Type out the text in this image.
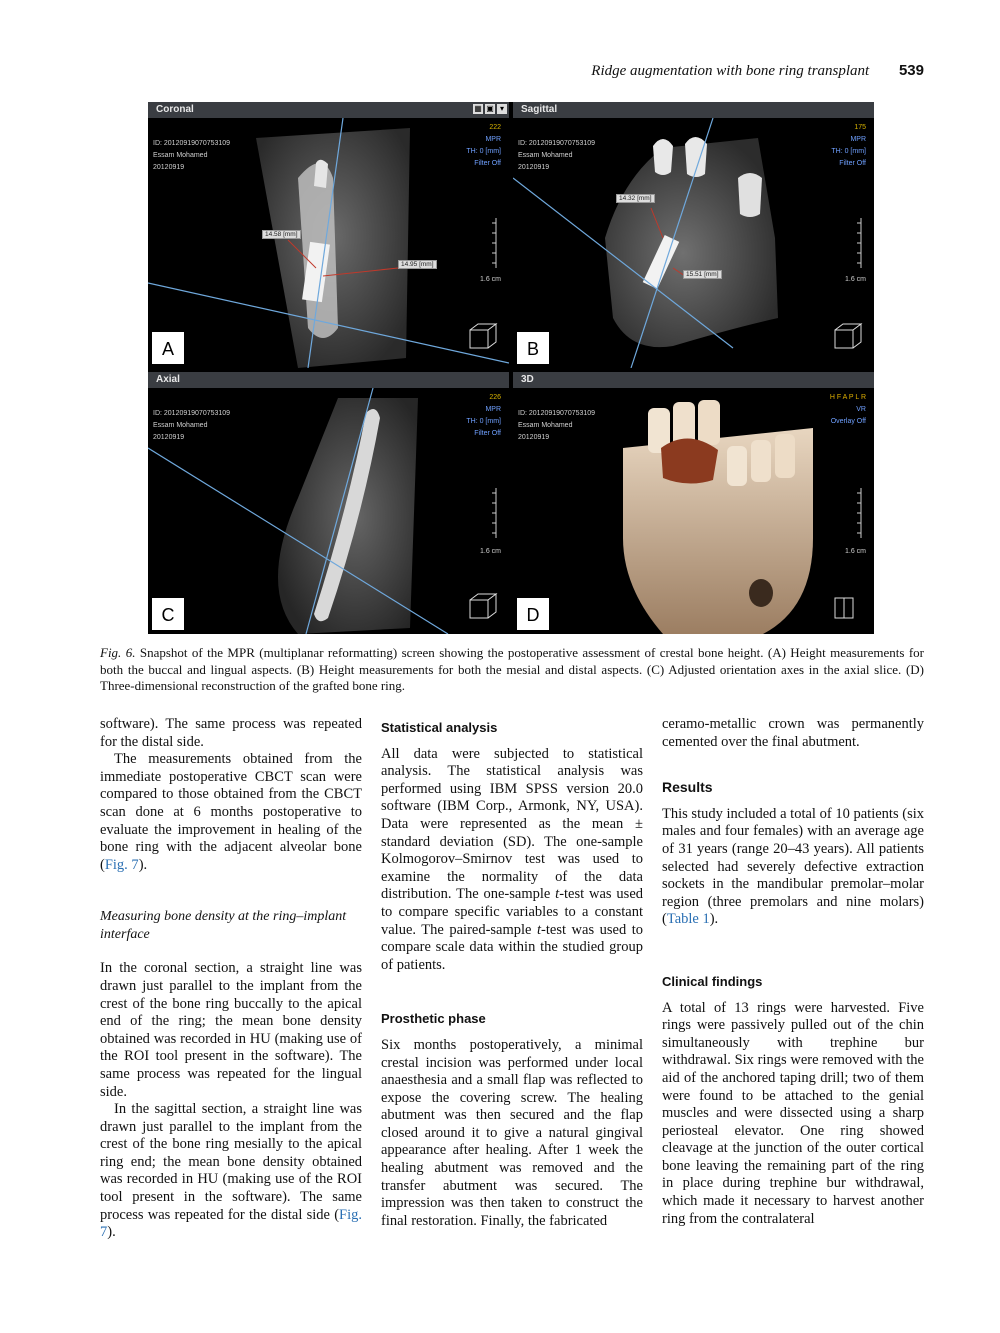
Ridge augmentation with bone ring transplant 539
Coronal	▦ ▣ ▾
ID: 20120919070753109
Essam Mohamed
20120919
222
MPR
TH: 0 [mm]
Filter Off
14.58 [mm]
14.95 [mm]
1.6 cm
A
Sagittal
ID: 20120919070753109
Essam Mohamed
20120919
175
MPR
TH: 0 [mm]
Filter Off
14.32 [mm]
15.51 [mm]
1.6 cm
B
Axial
ID: 20120919070753109
Essam Mohamed
20120919
226
MPR
TH: 0 [mm]
Filter Off
1.6 cm
C
3D
ID: 20120919070753109
Essam Mohamed
20120919
H F A P L R
VR
Overlay Off
1.6 cm
D
Fig. 6. Snapshot of the MPR (multiplanar reformatting) screen showing the postoperative assessment of crestal bone height. (A) Height measurements for both the buccal and lingual aspects. (B) Height measurements for both the mesial and distal aspects. (C) Adjusted orientation axes in the axial slice. (D) Three-dimensional reconstruction of the grafted bone ring.

software). The same process was repeated for the distal side.

The measurements obtained from the immediate postoperative CBCT scan were compared to those obtained from the CBCT scan done at 6 months postoperative to evaluate the improvement in healing of the bone ring with the adjacent alveolar bone (Fig. 7).

Measuring bone density at the ring–implant interface

In the coronal section, a straight line was drawn just parallel to the implant from the crest of the bone ring buccally to the apical end of the ring; the mean bone density obtained was recorded in HU (making use of the ROI tool present in the software). The same process was repeated for the lingual side.

In the sagittal section, a straight line was drawn just parallel to the implant from the crest of the bone ring mesially to the apical ring end; the mean bone density obtained was recorded in HU (making use of the ROI tool present in the software). The same process was repeated for the distal side (Fig. 7).

Statistical analysis

All data were subjected to statistical analysis. The statistical analysis was performed using IBM SPSS version 20.0 software (IBM Corp., Armonk, NY, USA). Data were represented as the mean ± standard deviation (SD). The one-sample Kolmogorov–Smirnov test was used to examine the normality of the data distribution. The one-sample t-test was used to compare specific variables to a constant value. The paired-sample t-test was used to compare scale data within the studied group of patients.

Prosthetic phase

Six months postoperatively, a minimal crestal incision was performed under local anaesthesia and a small flap was reflected to expose the covering screw. The healing abutment was then secured and the flap closed around it to give a natural gingival appearance after healing. After 1 week the healing abutment was removed and the transfer abutment was secured. The impression was then taken to construct the final restoration. Finally, the fabricated

ceramo-metallic crown was permanently cemented over the final abutment.

Results

This study included a total of 10 patients (six males and four females) with an average age of 31 years (range 20–43 years). All patients selected had severely defective extraction sockets in the mandibular premolar–molar region (three premolars and nine molars) (Table 1).

Clinical findings

A total of 13 rings were harvested. Five rings were passively pulled out of the chin simultaneously with trephine bur withdrawal. Six rings were removed with the aid of the anchored taping drill; two of them were found to be attached to the genial muscles and were dissected using a sharp periosteal elevator. One ring showed cleavage at the junction of the outer cortical bone leaving the remaining part of the ring in place during trephine bur withdrawal, which made it necessary to harvest another ring from the contralateral
